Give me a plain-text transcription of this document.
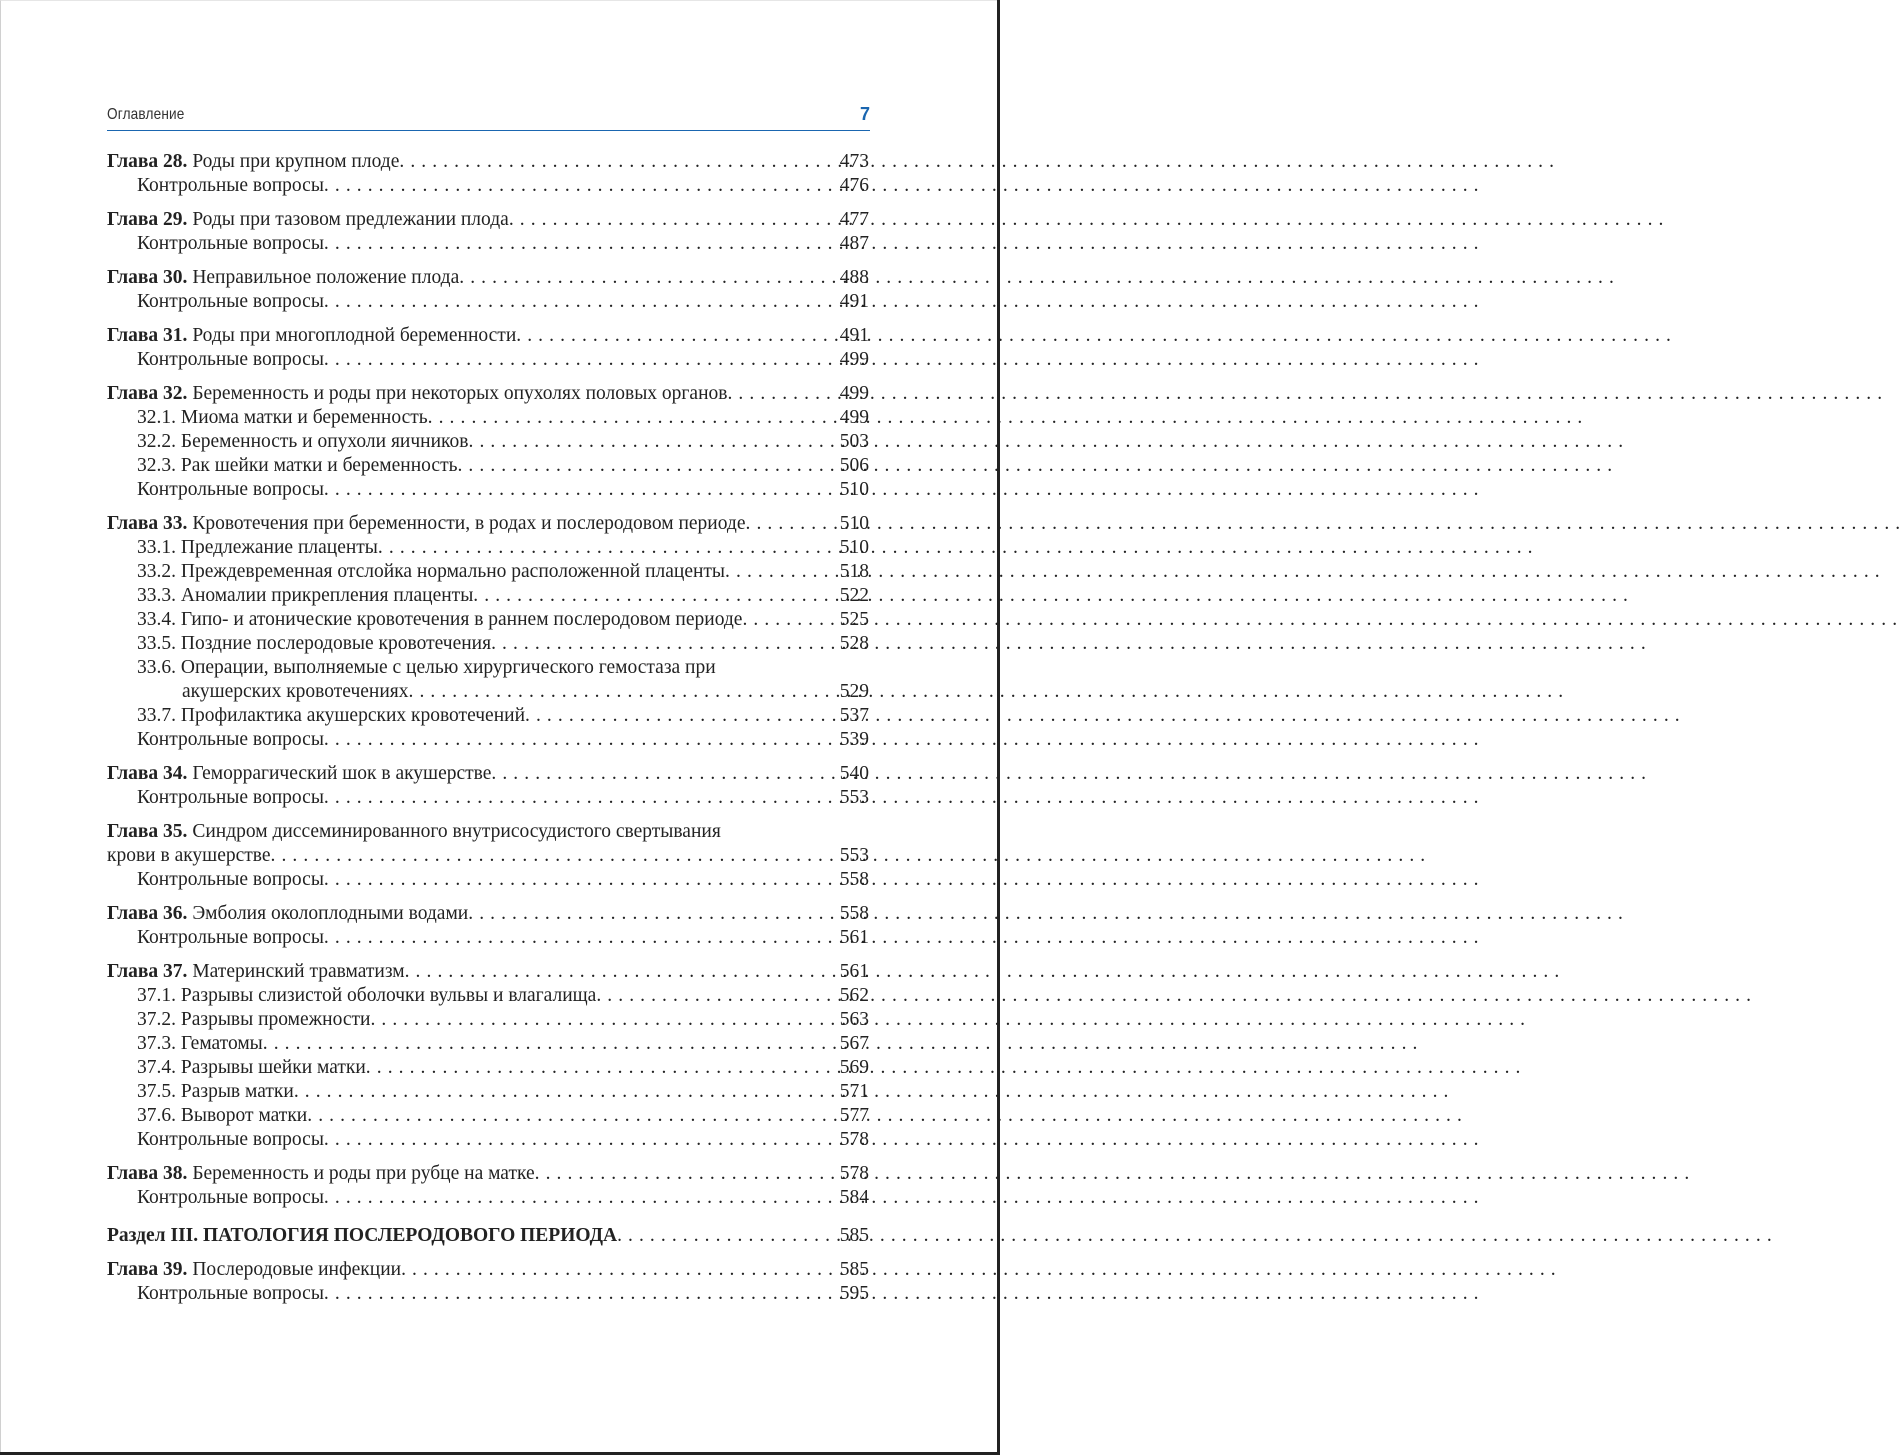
Оглавление	7
Глава 28. Роды при крупном плоде . . .	473
Контрольные вопросы . . .	476
Глава 29. Роды при тазовом предлежании плода . . .	477
Контрольные вопросы . . .	487
Глава 30. Неправильное положение плода . . .	488
Контрольные вопросы . . .	491
Глава 31. Роды при многоплодной беременности . . .	491
Контрольные вопросы . . .	499
Глава 32. Беременность и роды при некоторых опухолях половых органов . . .	499
32.1. Миома матки и беременность . . .	499
32.2. Беременность и опухоли яичников . . .	503
32.3. Рак шейки матки и беременность . . .	506
Контрольные вопросы . . .	510
Глава 33. Кровотечения при беременности, в родах и послеродовом периоде . . .	510
33.1. Предлежание плаценты . . .	510
33.2. Преждевременная отслойка нормально расположенной плаценты . . .	518
33.3. Аномалии прикрепления плаценты . . .	522
33.4. Гипо- и атонические кровотечения в раннем послеродовом периоде . . .	525
33.5. Поздние послеродовые кровотечения . . .	528
33.6. Операции, выполняемые с целью хирургического гемостаза при
акушерских кровотечениях . . .	529
33.7. Профилактика акушерских кровотечений . . .	537
Контрольные вопросы . . .	539
Глава 34. Геморрагический шок в акушерстве . . .	540
Контрольные вопросы . . .	553
Глава 35. Синдром диссеминированного внутрисосудистого свертывания
крови в акушерстве . . .	553
Контрольные вопросы . . .	558
Глава 36. Эмболия околоплодными водами . . .	558
Контрольные вопросы . . .	561
Глава 37. Материнский травматизм . . .	561
37.1. Разрывы слизистой оболочки вульвы и влагалища . . .	562
37.2. Разрывы промежности . . .	563
37.3. Гематомы . . .	567
37.4. Разрывы шейки матки . . .	569
37.5. Разрыв матки . . .	571
37.6. Выворот матки . . .	577
Контрольные вопросы . . .	578
Глава 38. Беременность и роды при рубце на матке . . .	578
Контрольные вопросы . . .	584
Раздел III. ПАТОЛОГИЯ ПОСЛЕРОДОВОГО ПЕРИОДА . . .	585
Глава 39. Послеродовые инфекции . . .	585
Контрольные вопросы . . .	595
